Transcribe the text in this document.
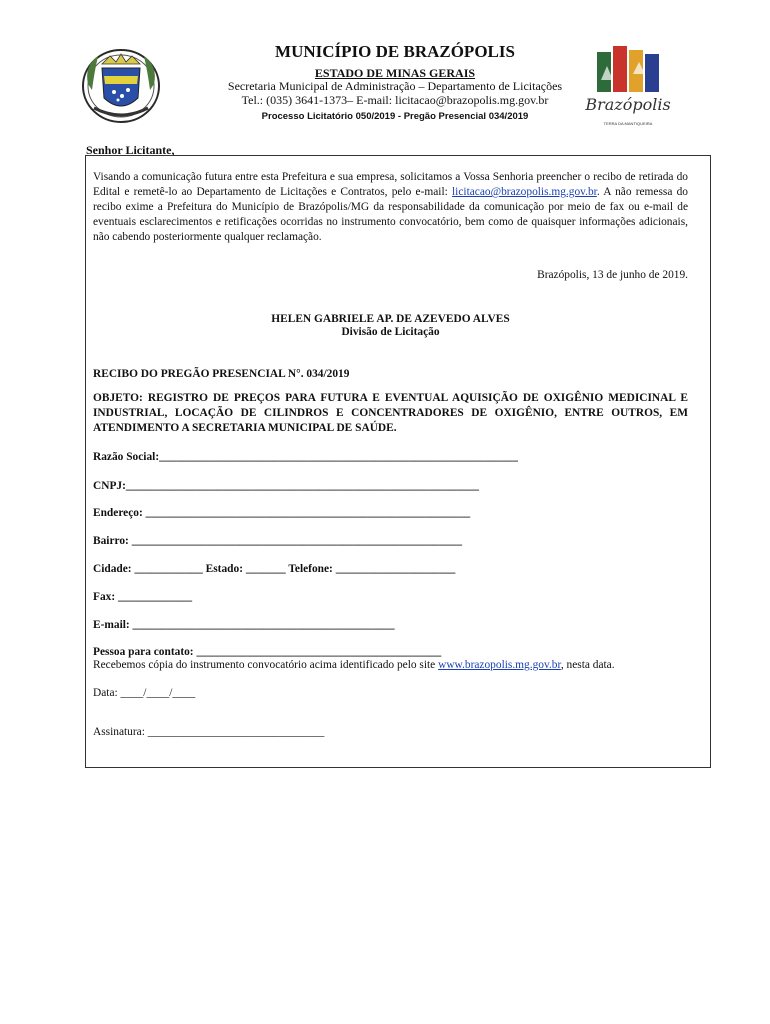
MUNICÍPIO DE BRAZÓPOLIS
ESTADO DE MINAS GERAIS
Secretaria Municipal de Administração – Departamento de Licitações
Tel.: (035) 3641-1373– E-mail: licitacao@brazopolis.mg.gov.br
Processo Licitatório 050/2019 - Pregão Presencial 034/2019
Brazópolis
TERRA DA MANTIQUEIRA
Senhor Licitante,
Visando a comunicação futura entre esta Prefeitura e sua empresa, solicitamos a Vossa Senhoria preencher o recibo de retirada do Edital e remetê-lo ao Departamento de Licitações e Contratos, pelo e-mail: licitacao@brazopolis.mg.gov.br. A não remessa do recibo exime a Prefeitura do Município de Brazópolis/MG da responsabilidade da comunicação por meio de fax ou e-mail de eventuais esclarecimentos e retificações ocorridas no instrumento convocatório, bem como de quaisquer informações adicionais, não cabendo posteriormente qualquer reclamação.
Brazópolis, 13 de junho de 2019.
HELEN GABRIELE AP. DE AZEVEDO ALVES
Divisão de Licitação
RECIBO DO PREGÃO PRESENCIAL N°. 034/2019
OBJETO: REGISTRO DE PREÇOS PARA FUTURA E EVENTUAL AQUISIÇÃO DE OXIGÊNIO MEDICINAL E INDUSTRIAL, LOCAÇÃO DE CILINDROS E CONCENTRADORES DE OXIGÊNIO, ENTRE OUTROS, EM ATENDIMENTO A SECRETARIA MUNICIPAL DE SAÚDE.
Razão Social:_______________________________________________________________
CNPJ:______________________________________________________________
Endereço: _________________________________________________________
Bairro: __________________________________________________________
Cidade: ____________ Estado: _______ Telefone: _____________________
Fax: _____________
E-mail: ______________________________________________
Pessoa para contato: ___________________________________________
Recebemos cópia do instrumento convocatório acima identificado pelo site www.brazopolis.mg.gov.br, nesta data.
Data: ____/____/____
Assinatura: _______________________________
